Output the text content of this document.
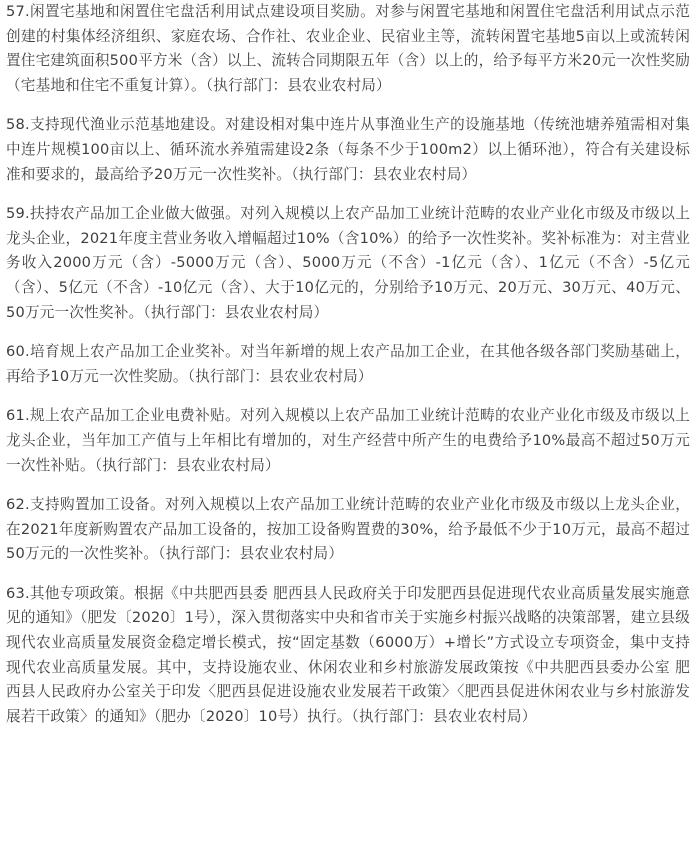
57.闲置宅基地和闲置住宅盘活利用试点建设项目奖励。对参与闲置宅基地和闲置住宅盘活利用试点示范创建的村集体经济组织、家庭农场、合作社、农业企业、民宿业主等，流转闲置宅基地5亩以上或流转闲置住宅建筑面积500平方米（含）以上、流转合同期限五年（含）以上的，给予每平方米20元一次性奖励（宅基地和住宅不重复计算）。（执行部门：县农业农村局）

58.支持现代渔业示范基地建设。对建设相对集中连片从事渔业生产的设施基地（传统池塘养殖需相对集中连片规模100亩以上、循环流水养殖需建设2条（每条不少于100m2）以上循环池），符合有关建设标准和要求的，最高给予20万元一次性奖补。（执行部门：县农业农村局）

59.扶持农产品加工企业做大做强。对列入规模以上农产品加工业统计范畴的农业产业化市级及市级以上龙头企业，2021年度主营业务收入增幅超过10%（含10%）的给予一次性奖补。奖补标准为：对主营业务收入2000万元（含）-5000万元（含）、5000万元（不含）-1亿元（含）、1亿元（不含）-5亿元（含）、5亿元（不含）-10亿元（含）、大于10亿元的，分别给予10万元、20万元、30万元、40万元、50万元一次性奖补。（执行部门：县农业农村局）

60.培育规上农产品加工企业奖补。对当年新增的规上农产品加工企业，在其他各级各部门奖励基础上，再给予10万元一次性奖励。（执行部门：县农业农村局）

61.规上农产品加工企业电费补贴。对列入规模以上农产品加工业统计范畴的农业产业化市级及市级以上龙头企业，当年加工产值与上年相比有增加的，对生产经营中所产生的电费给予10%最高不超过50万元一次性补贴。（执行部门：县农业农村局）

62.支持购置加工设备。对列入规模以上农产品加工业统计范畴的农业产业化市级及市级以上龙头企业，在2021年度新购置农产品加工设备的，按加工设备购置费的30%，给予最低不少于10万元，最高不超过50万元的一次性奖补。（执行部门：县农业农村局）

63.其他专项政策。根据《中共肥西县委 肥西县人民政府关于印发肥西县促进现代农业高质量发展实施意见的通知》（肥发〔2020〕1号），深入贯彻落实中央和省市关于实施乡村振兴战略的决策部署，建立县级现代农业高质量发展资金稳定增长模式，按“固定基数（6000万）+增长”方式设立专项资金，集中支持现代农业高质量发展。其中，支持设施农业、休闲农业和乡村旅游发展政策按《中共肥西县委办公室 肥西县人民政府办公室关于印发〈肥西县促进设施农业发展若干政策〉〈肥西县促进休闲农业与乡村旅游发展若干政策〉的通知》（肥办〔2020〕10号）执行。（执行部门：县农业农村局）
